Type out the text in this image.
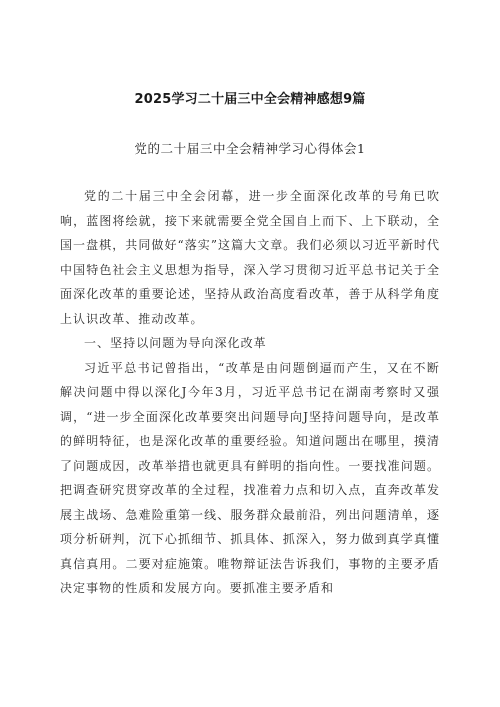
2025学习二十届三中全会精神感想9篇
党的二十届三中全会精神学习心得体会1

党的二十届三中全会闭幕，进一步全面深化改革的号角已吹响，蓝图将绘就，接下来就需要全党全国自上而下、上下联动，全国一盘棋，共同做好“落实”这篇大文章。我们必须以习近平新时代中国特色社会主义思想为指导，深入学习贯彻习近平总书记关于全面深化改革的重要论述，坚持从政治高度看改革，善于从科学角度上认识改革、推动改革。

一、坚持以问题为导向深化改革

习近平总书记曾指出，“改革是由问题倒逼而产生，又在不断解决问题中得以深化J今年3月，习近平总书记在湖南考察时又强调，“进一步全面深化改革要突出问题导向J坚持问题导向，是改革的鲜明特征，也是深化改革的重要经验。知道问题出在哪里，摸清了问题成因，改革举措也就更具有鲜明的指向性。一要找准问题。把调查研究贯穿改革的全过程，找准着力点和切入点，直奔改革发展主战场、急难险重第一线、服务群众最前沿，列出问题清单，逐项分析研判，沉下心抓细节、抓具体、抓深入，努力做到真学真懂真信真用。二要对症施策。唯物辩证法告诉我们，事物的主要矛盾决定事物的性质和发展方向。要抓准主要矛盾和
